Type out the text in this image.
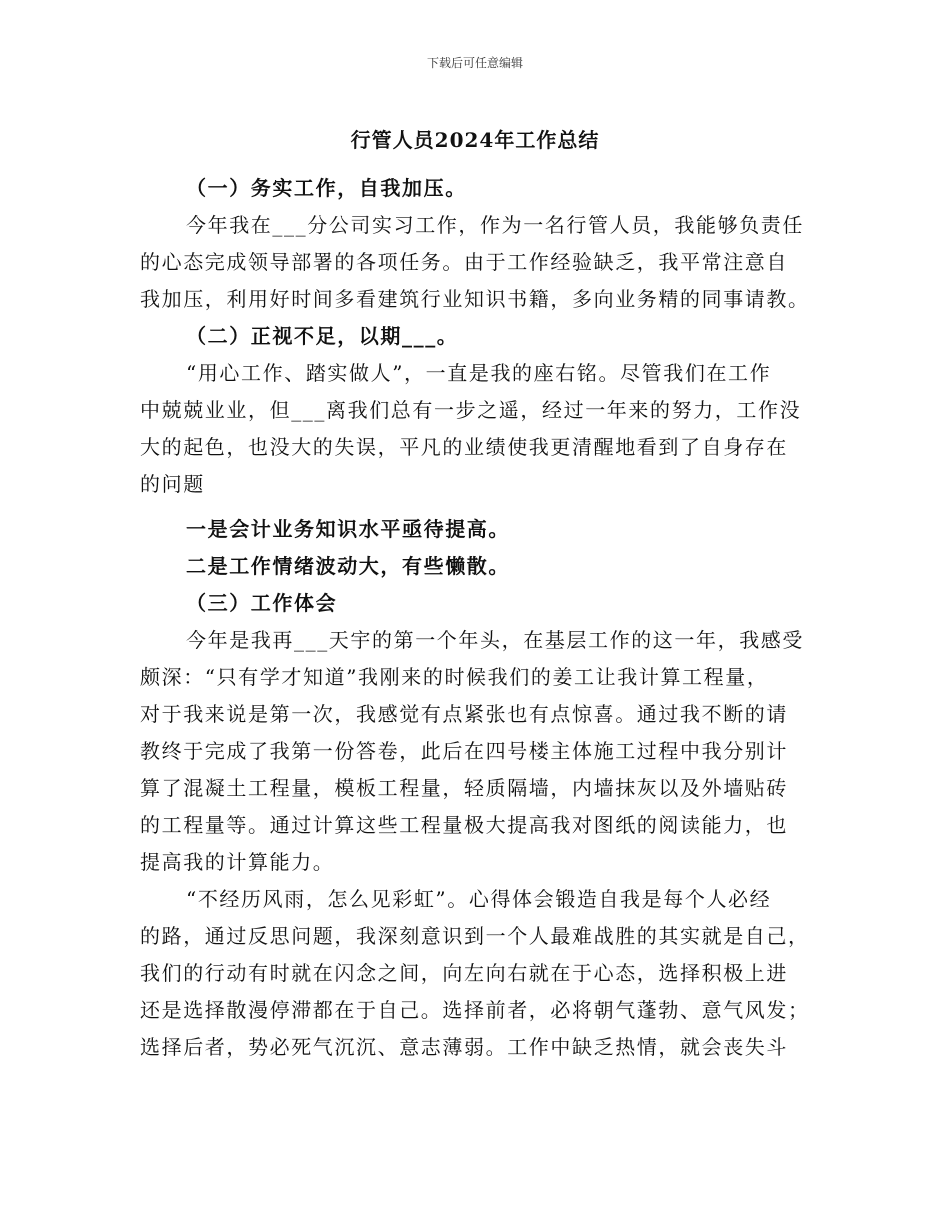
下载后可任意编辑
行管人员2024年工作总结
（一）务实工作，自我加压。
今年我在___分公司实习工作，作为一名行管人员，我能够负责任
的心态完成领导部署的各项任务。由于工作经验缺乏，我平常注意自
我加压，利用好时间多看建筑行业知识书籍，多向业务精的同事请教。
（二）正视不足，以期___。
“用心工作、踏实做人”，一直是我的座右铭。尽管我们在工作
中兢兢业业，但___离我们总有一步之遥，经过一年来的努力，工作没
大的起色，也没大的失误，平凡的业绩使我更清醒地看到了自身存在
的问题
一是会计业务知识水平亟待提高。
二是工作情绪波动大，有些懒散。
（三）工作体会
今年是我再___天宇的第一个年头，在基层工作的这一年，我感受
颇深：“只有学才知道”我刚来的时候我们的姜工让我计算工程量，
对于我来说是第一次，我感觉有点紧张也有点惊喜。通过我不断的请
教终于完成了我第一份答卷，此后在四号楼主体施工过程中我分别计
算了混凝土工程量，模板工程量，轻质隔墙，内墙抹灰以及外墙贴砖
的工程量等。通过计算这些工程量极大提高我对图纸的阅读能力，也
提高我的计算能力。
“不经历风雨，怎么见彩虹”。心得体会锻造自我是每个人必经
的路，通过反思问题，我深刻意识到一个人最难战胜的其实就是自己，
我们的行动有时就在闪念之间，向左向右就在于心态，选择积极上进
还是选择散漫停滞都在于自己。选择前者，必将朝气蓬勃、意气风发；
选择后者，势必死气沉沉、意志薄弱。工作中缺乏热情，就会丧失斗
